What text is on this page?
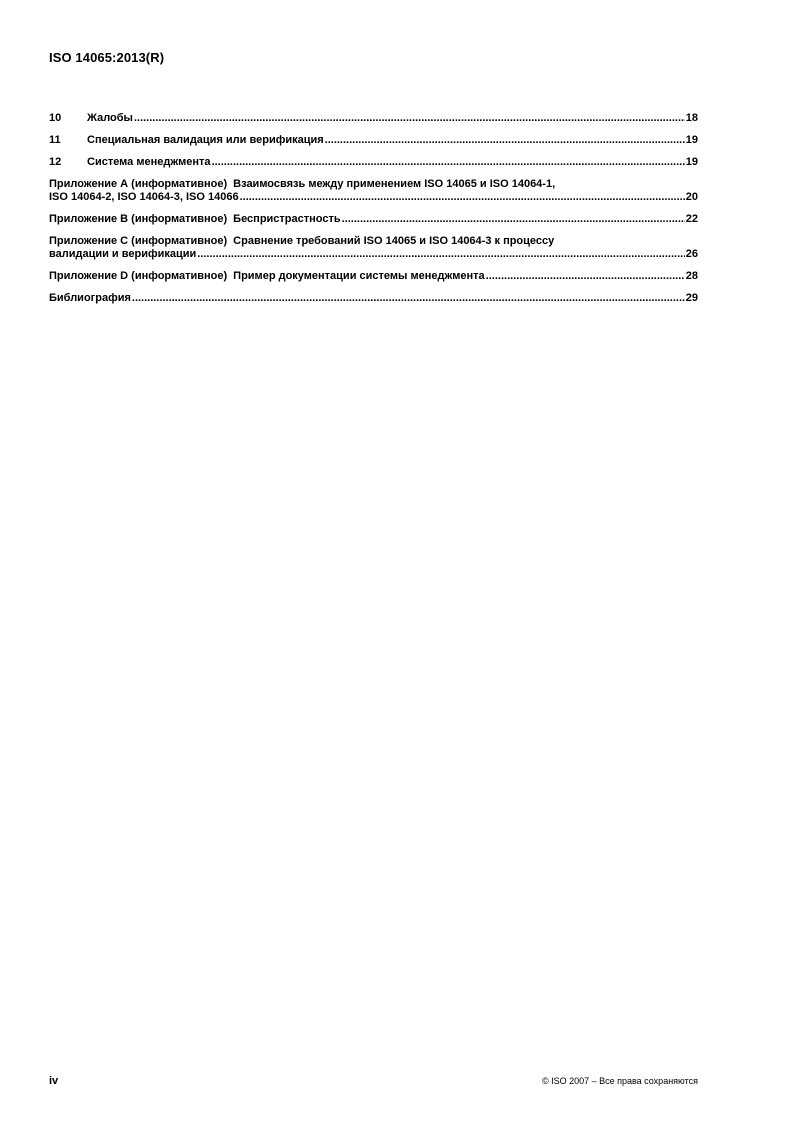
ISO 14065:2013(R)
10 Жалобы .....	18
11 Специальная валидация или верификация .....	19
12 Система менеджмента .....	19
Приложение А (информативное) Взаимосвязь между применением ISO 14065 и ISO 14064-1,
ISO 14064-2, ISO 14064-3, ISO 14066 .....	20
Приложение В (информативное) Беспристрастность .....	22
Приложение С (информативное) Сравнение требований ISO 14065 и ISO 14064-3 к процессу
валидации и верификации .....	26
Приложение D (информативное) Пример документации системы менеджмента .....	28
Библиография .....	29
iv	© ISO 2007 – Все права сохраняются
